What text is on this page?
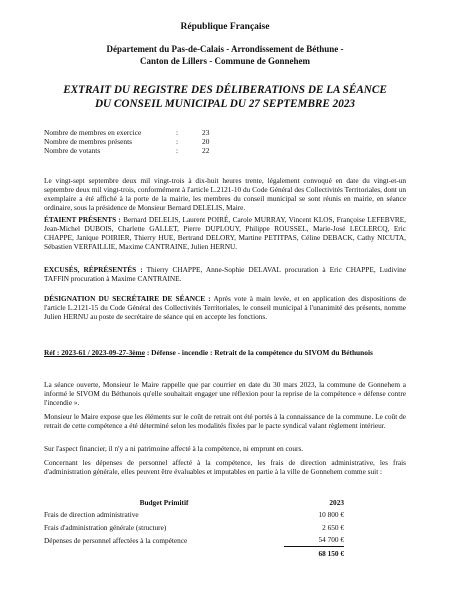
République Française
Département du Pas-de-Calais - Arrondissement de Béthune -
Canton de Lillers - Commune de Gonnehem
EXTRAIT DU REGISTRE DES DÉLIBERATIONS DE LA SÉANCE
DU CONSEIL MUNICIPAL DU 27 SEPTEMBRE 2023
Nombre de membres en exercice	:	23
Nombre de membres présents	:	20
Nombre de votants	:	22

Le vingt-sept septembre deux mil vingt-trois à dix-huit heures trente, légalement convoqué en date du vingt-et-un septembre deux mil vingt-trois, conformément à l'article L.2121-10 du Code Général des Collectivités Territoriales, dont un exemplaire a été affiché à la porte de la mairie, les membres du conseil municipal se sont réunis en mairie, en séance ordinaire, sous la présidence de Monsieur Bernard DELELIS, Maire.

ÉTAIENT PRÉSENTS : Bernard DELELIS, Laurent POIRÉ, Carole MURRAY, Vincent KLOS, Françoise LEFEBVRE, Jean-Michel DUBOIS, Charlette GALLET, Pierre DUPLOUY, Philippe ROUSSEL, Marie-José LECLERCQ, Eric CHAPPE, Janique POIRIER, Thierry HUE, Bertrand DELORY, Martine PETITPAS, Céline DEBACK, Cathy NICUTA, Sébastien VERFAILLIE, Maxime CANTRAINE, Julien HERNU.

EXCUSÉS, RÉPRÉSENTÉS : Thierry CHAPPE, Anne-Sophie DELAVAL procuration à Eric CHAPPE, Ludivine TAFFIN procuration à Maxime CANTRAINE.

DÉSIGNATION DU SECRÉTAIRE DE SÉANCE : Après vote à main levée, et en application des dispositions de l'article L.2121-15 du Code Général des Collectivités Territoriales, le conseil municipal à l'unanimité des présents, nomme Julien HERNU au poste de secrétaire de séance qui en accepte les fonctions.

Réf : 2023-61 / 2023-09-27-3ème : Défense - incendie : Retrait de la compétence du SIVOM du Béthunois

La séance ouverte, Monsieur le Maire rappelle que par courrier en date du 30 mars 2023, la commune de Gonnehem a informé le SIVOM du Béthunois qu'elle souhaitait engager une réflexion pour la reprise de la compétence « défense contre l'incendie ».

Monsieur le Maire expose que les éléments sur le coût de retrait ont été portés à la connaissance de la commune. Le coût de retrait de cette compétence a été déterminé selon les modalités fixées par le pacte syndical valant règlement intérieur.

Sur l'aspect financier, il n'y a ni patrimoine affecté à la compétence, ni emprunt en cours.

Concernant les dépenses de personnel affecté à la compétence, les frais de direction administrative, les frais d'administration générale, elles peuvent être évaluables et imputables en partie à la ville de Gonnehem comme suit :

Budget Primitif	2023
Frais de direction administrative	10 800 €
Frais d'administration générale (structure)	2 650 €
Dépenses de personnel affectées à la compétence	54 700 €
	68 150 €
